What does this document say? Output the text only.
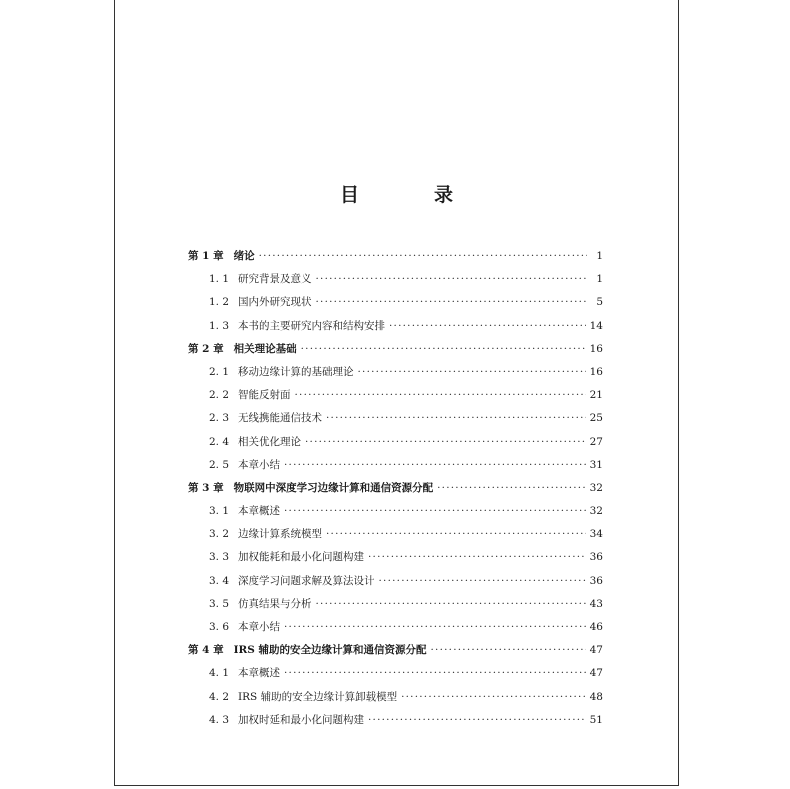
目　录
第 1 章 绪论 ·····	1
1. 1 研究背景及意义 ·····	1
1. 2 国内外研究现状 ·····	5
1. 3 本书的主要研究内容和结构安排 ·····	14
第 2 章 相关理论基础 ·····	16
2. 1 移动边缘计算的基础理论 ·····	16
2. 2 智能反射面 ·····	21
2. 3 无线携能通信技术 ·····	25
2. 4 相关优化理论 ·····	27
2. 5 本章小结 ·····	31
第 3 章 物联网中深度学习边缘计算和通信资源分配 ·····	32
3. 1 本章概述 ·····	32
3. 2 边缘计算系统模型 ·····	34
3. 3 加权能耗和最小化问题构建 ·····	36
3. 4 深度学习问题求解及算法设计 ·····	36
3. 5 仿真结果与分析 ·····	43
3. 6 本章小结 ·····	46
第 4 章 IRS 辅助的安全边缘计算和通信资源分配 ·····	47
4. 1 本章概述 ·····	47
4. 2 IRS 辅助的安全边缘计算卸载模型 ·····	48
4. 3 加权时延和最小化问题构建 ·····	51
